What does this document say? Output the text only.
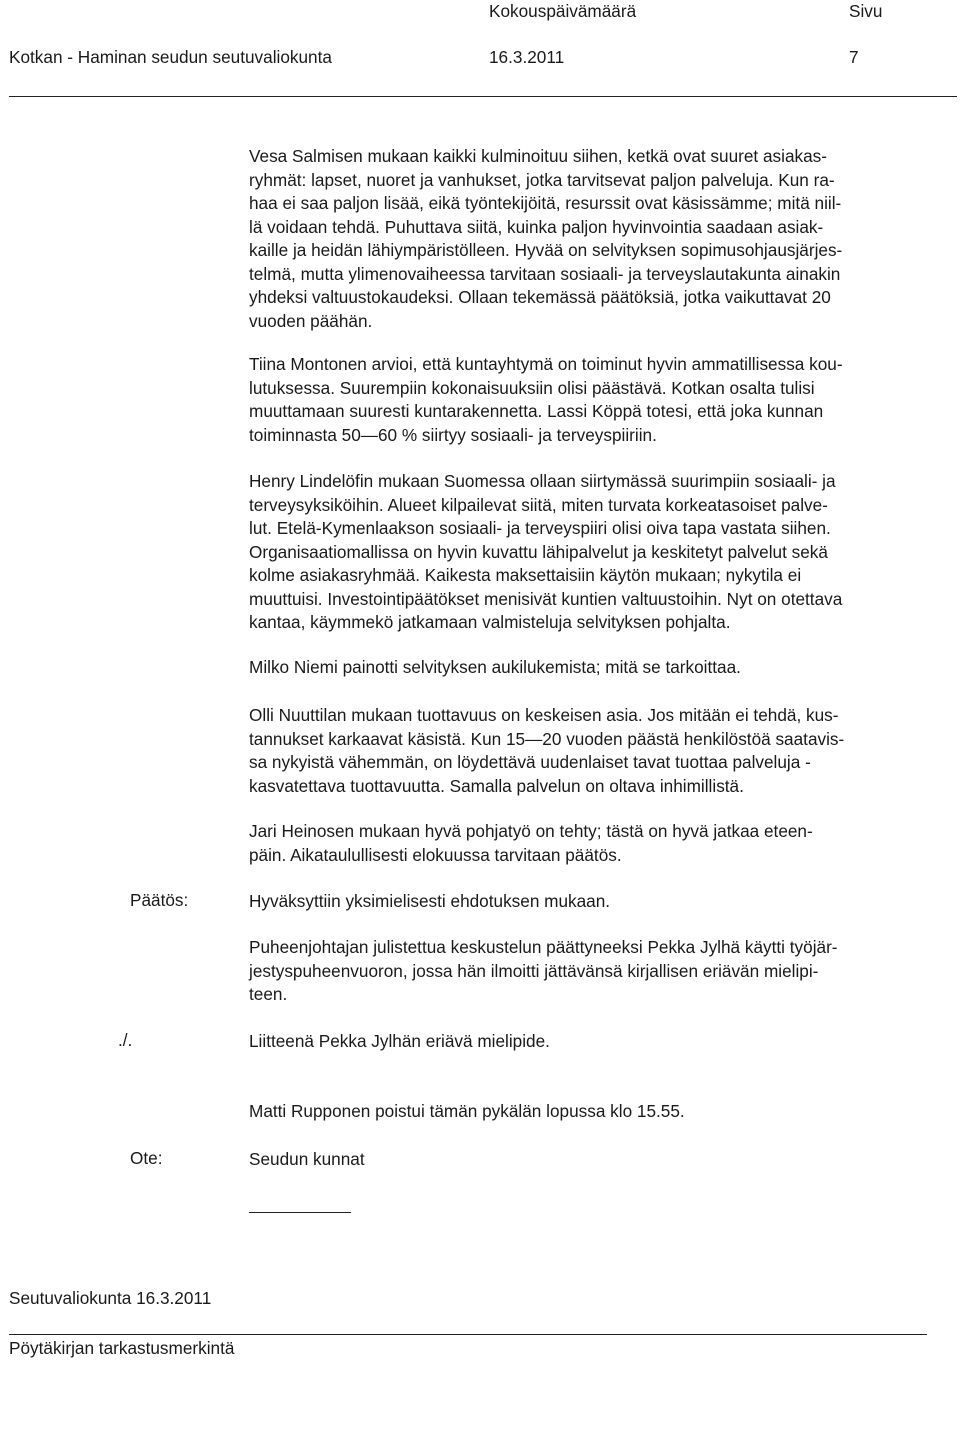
Kokouspäivämäärä	Sivu
Kotkan - Haminan seudun seutuvaliokunta	16.3.2011	7
Vesa Salmisen mukaan kaikki kulminoituu siihen, ketkä ovat suuret asiakas-
ryhmät: lapset, nuoret ja vanhukset, jotka tarvitsevat paljon palveluja. Kun ra-
haa ei saa paljon lisää, eikä työntekijöitä, resurssit ovat käsissämme; mitä niil-
lä voidaan tehdä. Puhuttava siitä, kuinka paljon hyvinvointia saadaan asiak-
kaille ja heidän lähiympäristölleen. Hyvää on selvityksen sopimusohjausjärjes-
telmä, mutta ylimenovaiheessa tarvitaan sosiaali- ja terveyslautakunta ainakin
yhdeksi valtuustokaudeksi. Ollaan tekemässä päätöksiä, jotka vaikuttavat 20
vuoden päähän.
Tiina Montonen arvioi, että kuntayhtymä on toiminut hyvin ammatillisessa kou-
lutuksessa. Suurempiin kokonaisuuksiin olisi päästävä. Kotkan osalta tulisi
muuttamaan suuresti kuntarakennetta. Lassi Köppä totesi, että joka kunnan
toiminnasta 50—60 % siirtyy sosiaali- ja terveyspiiriin.
Henry Lindelöfin mukaan Suomessa ollaan siirtymässä suurimpiin sosiaali- ja
terveysyksiköihin. Alueet kilpailevat siitä, miten turvata korkeatasoiset palve-
lut. Etelä-Kymenlaakson sosiaali- ja terveyspiiri olisi oiva tapa vastata siihen.
Organisaatiomallissa on hyvin kuvattu lähipalvelut ja keskitetyt palvelut sekä
kolme asiakasryhmää. Kaikesta maksettaisiin käytön mukaan; nykytila ei
muuttuisi. Investointipäätökset menisivät kuntien valtuustoihin. Nyt on otettava
kantaa, käymmekö jatkamaan valmisteluja selvityksen pohjalta.
Milko Niemi painotti selvityksen aukilukemista; mitä se tarkoittaa.
Olli Nuuttilan mukaan tuottavuus on keskeisen asia. Jos mitään ei tehdä, kus-
tannukset karkaavat käsistä. Kun 15—20 vuoden päästä henkilöstöä saatavis-
sa nykyistä vähemmän, on löydettävä uudenlaiset tavat tuottaa palveluja -
kasvatettava tuottavuutta. Samalla palvelun on oltava inhimillistä.
Jari Heinosen mukaan hyvä pohjatyö on tehty; tästä on hyvä jatkaa eteen-
päin. Aikataulullisesti elokuussa tarvitaan päätös.
Päätös:	Hyväksyttiin yksimielisesti ehdotuksen mukaan.
Puheenjohtajan julistettua keskustelun päättyneeksi Pekka Jylhä käytti työjär-
jestyspuheenvuoron, jossa hän ilmoitti jättävänsä kirjallisen eriävän mielipi-
teen.
./.	Liitteenä Pekka Jylhän eriävä mielipide.
Matti Rupponen poistui tämän pykälän lopussa klo 15.55.
Ote:	Seudun kunnat
Seutuvaliokunta 16.3.2011
Pöytäkirjan tarkastusmerkintä
